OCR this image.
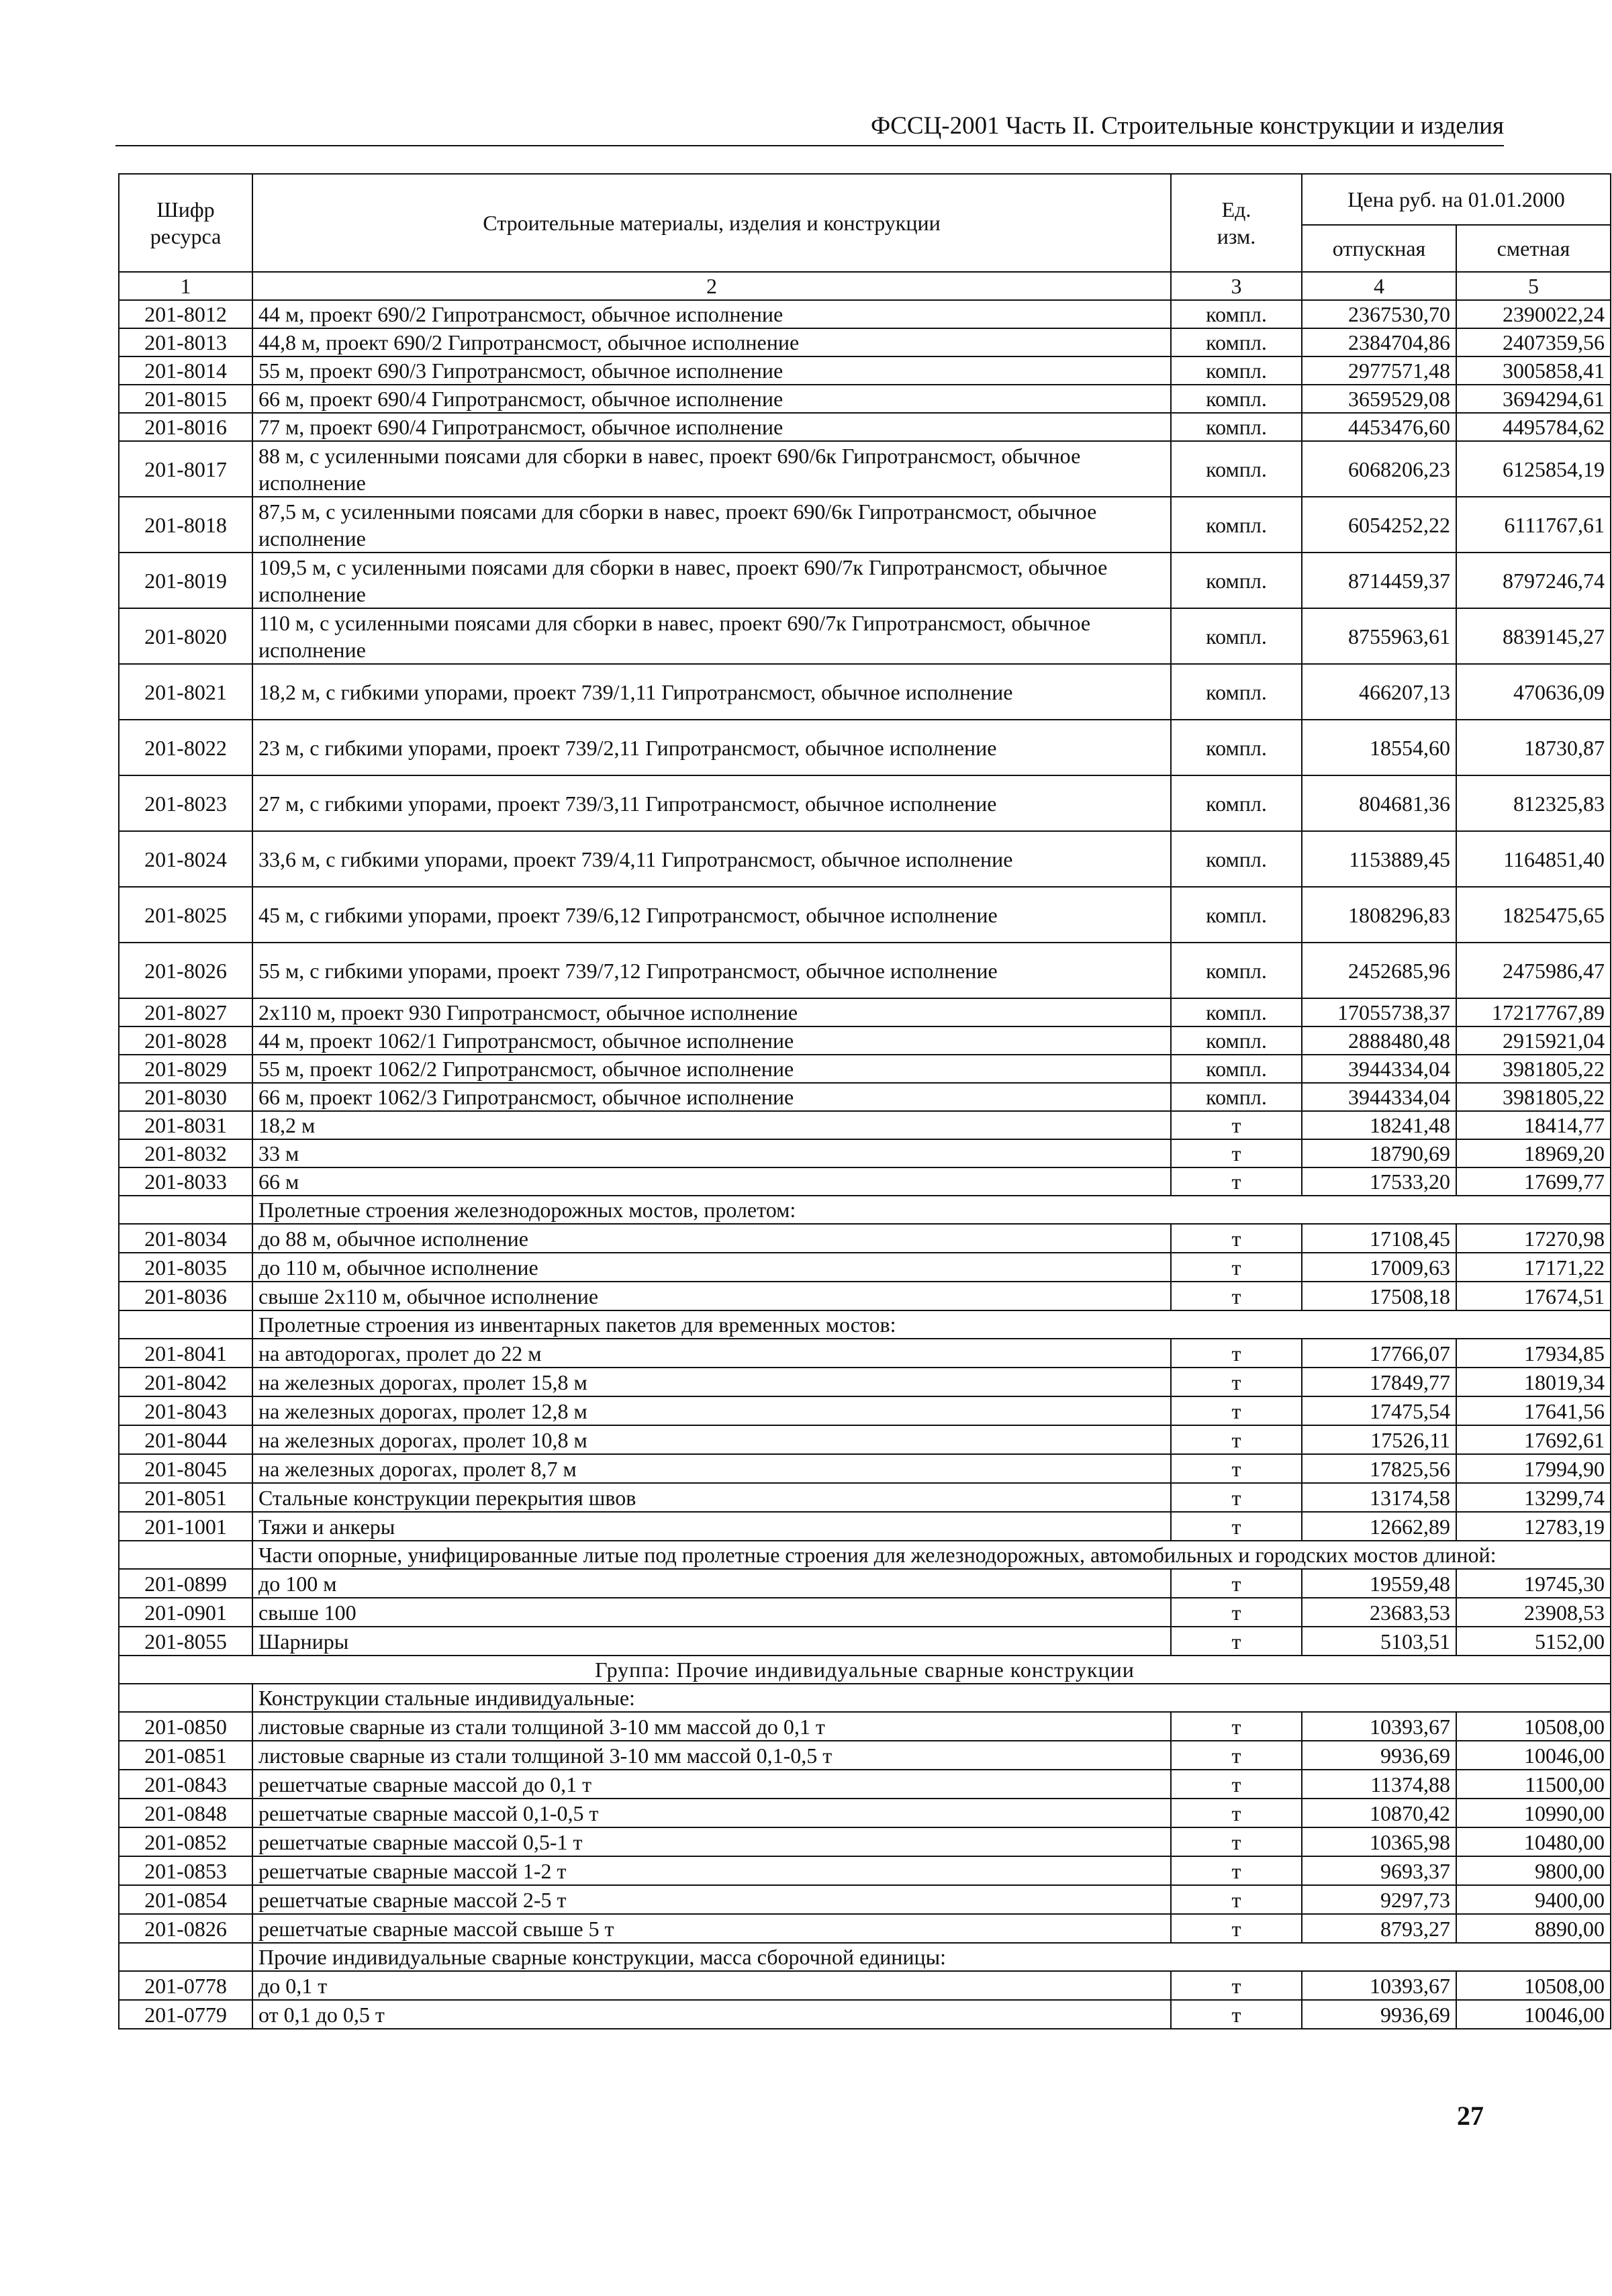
ФССЦ-2001 Часть II. Строительные конструкции и изделия
Шифр ресурса	Строительные материалы, изделия и конструкции	Ед. изм.	Цена руб. на 01.01.2000	
			отпускная	сметная
1	2	3	4	5
201-8012	44 м, проект 690/2 Гипротрансмост, обычное исполнение	компл.	2367530,70	2390022,24
201-8013	44,8 м, проект 690/2 Гипротрансмост, обычное исполнение	компл.	2384704,86	2407359,56
201-8014	55 м, проект 690/3 Гипротрансмост, обычное исполнение	компл.	2977571,48	3005858,41
201-8015	66 м, проект 690/4 Гипротрансмост, обычное исполнение	компл.	3659529,08	3694294,61
201-8016	77 м, проект 690/4 Гипротрансмост, обычное исполнение	компл.	4453476,60	4495784,62
201-8017	88 м, с усиленными поясами для сборки в навес, проект 690/6к Гипротрансмост, обычное исполнение	компл.	6068206,23	6125854,19
201-8018	87,5 м, с усиленными поясами для сборки в навес, проект 690/6к Гипротрансмост, обычное исполнение	компл.	6054252,22	6111767,61
201-8019	109,5 м, с усиленными поясами для сборки в навес, проект 690/7к Гипротрансмост, обычное исполнение	компл.	8714459,37	8797246,74
201-8020	110 м, с усиленными поясами для сборки в навес, проект 690/7к Гипротрансмост, обычное исполнение	компл.	8755963,61	8839145,27
201-8021	18,2 м, с гибкими упорами, проект 739/1,11 Гипротрансмост, обычное исполнение	компл.	466207,13	470636,09
201-8022	23 м, с гибкими упорами, проект 739/2,11 Гипротрансмост, обычное исполнение	компл.	18554,60	18730,87
201-8023	27 м, с гибкими упорами, проект 739/3,11 Гипротрансмост, обычное исполнение	компл.	804681,36	812325,83
201-8024	33,6 м, с гибкими упорами, проект 739/4,11 Гипротрансмост, обычное исполнение	компл.	1153889,45	1164851,40
201-8025	45 м, с гибкими упорами, проект 739/6,12 Гипротрансмост, обычное исполнение	компл.	1808296,83	1825475,65
201-8026	55 м, с гибкими упорами, проект 739/7,12 Гипротрансмост, обычное исполнение	компл.	2452685,96	2475986,47
201-8027	2х110 м, проект 930 Гипротрансмост, обычное исполнение	компл.	17055738,37	17217767,89
201-8028	44 м, проект 1062/1 Гипротрансмост, обычное исполнение	компл.	2888480,48	2915921,04
201-8029	55 м, проект 1062/2 Гипротрансмост, обычное исполнение	компл.	3944334,04	3981805,22
201-8030	66 м, проект 1062/3 Гипротрансмост, обычное исполнение	компл.	3944334,04	3981805,22
201-8031	18,2 м	т	18241,48	18414,77
201-8032	33 м	т	18790,69	18969,20
201-8033	66 м	т	17533,20	17699,77
	Пролетные строения железнодорожных мостов, пролетом:			
201-8034	до 88 м, обычное исполнение	т	17108,45	17270,98
201-8035	до 110 м, обычное исполнение	т	17009,63	17171,22
201-8036	свыше 2х110 м, обычное исполнение	т	17508,18	17674,51
	Пролетные строения из инвентарных пакетов для временных мостов:			
201-8041	на автодорогах, пролет до 22 м	т	17766,07	17934,85
201-8042	на железных дорогах, пролет 15,8 м	т	17849,77	18019,34
201-8043	на железных дорогах, пролет 12,8 м	т	17475,54	17641,56
201-8044	на железных дорогах, пролет 10,8 м	т	17526,11	17692,61
201-8045	на железных дорогах, пролет 8,7 м	т	17825,56	17994,90
201-8051	Стальные конструкции перекрытия швов	т	13174,58	13299,74
201-1001	Тяжи и анкеры	т	12662,89	12783,19
	Части опорные, унифицированные литые под пролетные строения для железнодорожных, автомобильных и городских мостов длиной:			
201-0899	до 100 м	т	19559,48	19745,30
201-0901	свыше 100	т	23683,53	23908,53
201-8055	Шарниры	т	5103,51	5152,00
Группа: Прочие индивидуальные сварные конструкции				
	Конструкции стальные индивидуальные:			
201-0850	листовые сварные из стали толщиной 3-10 мм массой до 0,1 т	т	10393,67	10508,00
201-0851	листовые сварные из стали толщиной 3-10 мм массой 0,1-0,5 т	т	9936,69	10046,00
201-0843	решетчатые сварные массой до 0,1 т	т	11374,88	11500,00
201-0848	решетчатые сварные массой 0,1-0,5 т	т	10870,42	10990,00
201-0852	решетчатые сварные массой 0,5-1 т	т	10365,98	10480,00
201-0853	решетчатые сварные массой 1-2 т	т	9693,37	9800,00
201-0854	решетчатые сварные массой 2-5 т	т	9297,73	9400,00
201-0826	решетчатые сварные массой свыше 5 т	т	8793,27	8890,00
	Прочие индивидуальные сварные конструкции, масса сборочной единицы:			
201-0778	до 0,1 т	т	10393,67	10508,00
201-0779	от 0,1 до 0,5 т	т	9936,69	10046,00
27
